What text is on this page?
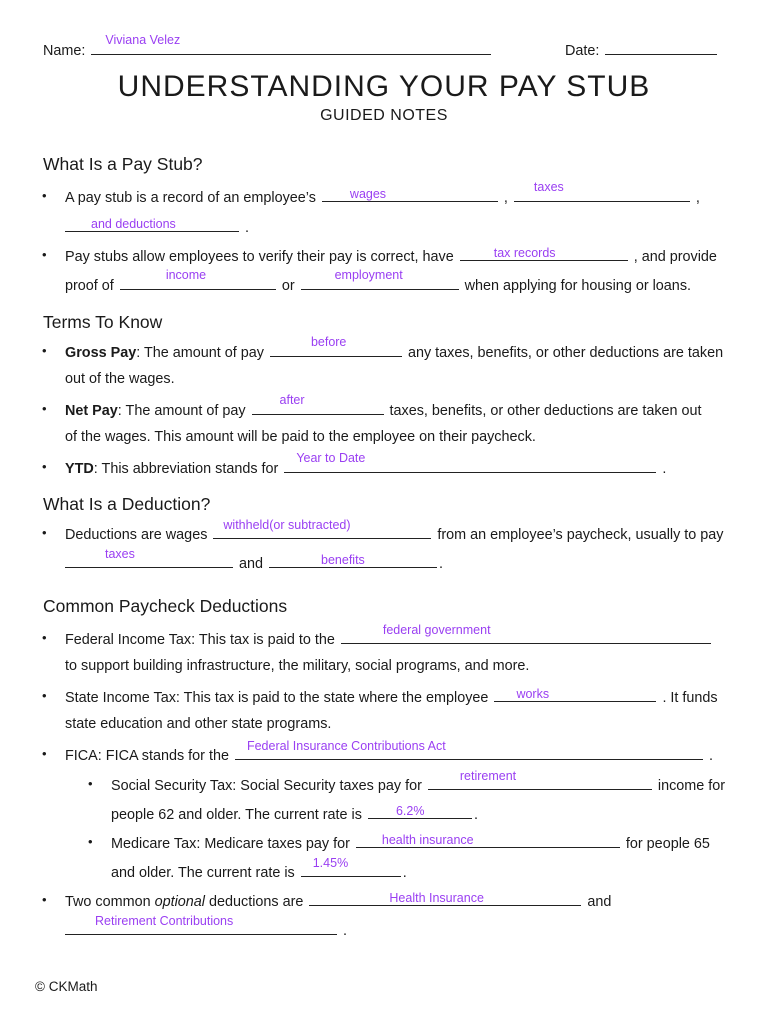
Name:
Viviana Velez
Date:
UNDERSTANDING YOUR PAY STUB
GUIDED NOTES
What Is a Pay Stub?
• A pay stub is a record of an employee’s	wages	,
taxes
,
and deductions	.
• Pay stubs allow employees to verify their pay is correct, have	tax records	, and provide
proof of
income
or
employment
when applying for housing or loans.
Terms To Know
• Gross Pay: The amount of pay
before
any taxes, benefits, or other deductions are taken
out of the wages.
• Net Pay: The amount of pay
after
taxes, benefits, or other deductions are taken out
of the wages. This amount will be paid to the employee on their paycheck.
• YTD: This abbreviation stands for
Year to Date
.
What Is a Deduction?
• Deductions are wages
withheld(or subtracted)
from an employee’s paycheck, usually to pay
taxes
and	benefits	.
Common Paycheck Deductions
• Federal Income Tax: This tax is paid to the
federal government
to support building infrastructure, the military, social programs, and more.
• State Income Tax: This tax is paid to the state where the employee works	. It funds
state education and other state programs.
• FICA: FICA stands for the
Federal Insurance Contributions Act
.
• Social Security Tax: Social Security taxes pay for
retirement
income for
people 62 and older. The current rate is	6.2%	.
• Medicare Tax: Medicare taxes pay for	health insurance	for people 65
and older. The current rate is
1.45%
.
• Two common optional deductions are	Health Insurance	and
Retirement Contributions
.
© CKMath
